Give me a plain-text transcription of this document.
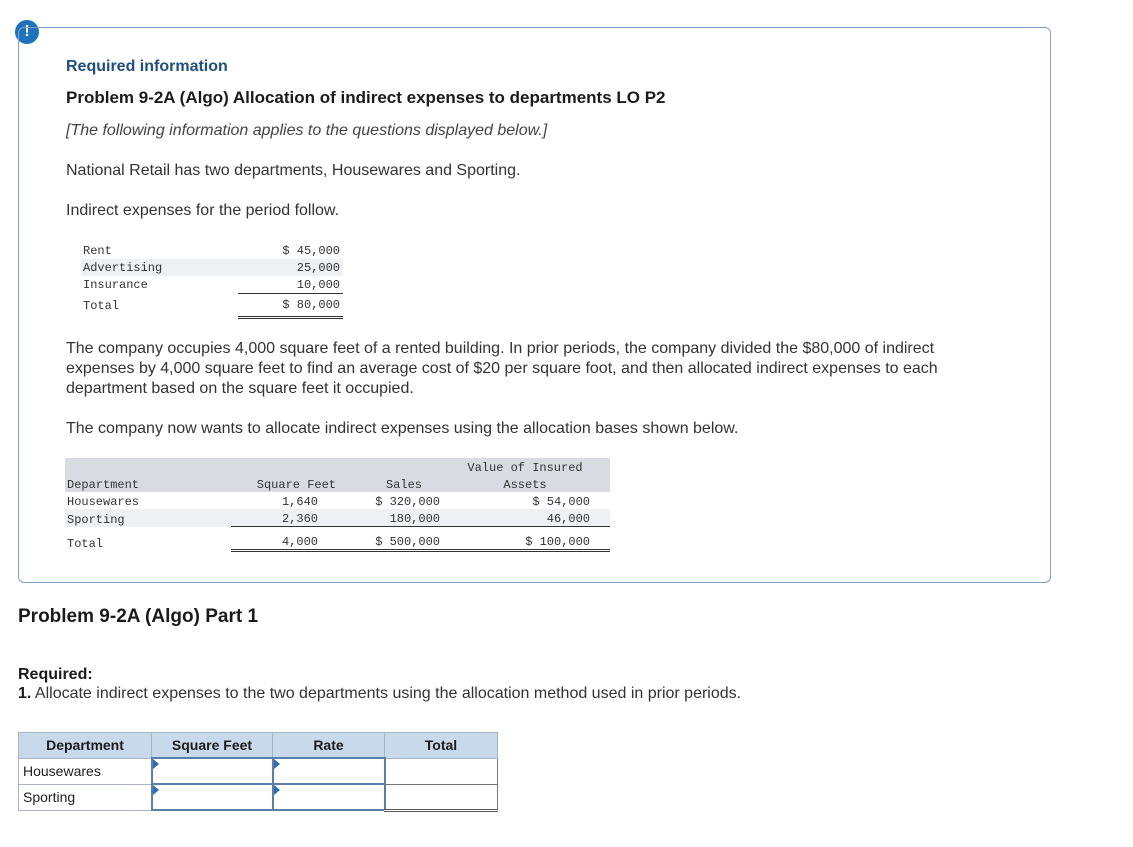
!
Required information
Problem 9-2A (Algo) Allocation of indirect expenses to departments LO P2
[The following information applies to the questions displayed below.]
National Retail has two departments, Housewares and Sporting.
Indirect expenses for the period follow.
Rent	$ 45,000
Advertising	25,000
Insurance	10,000
Total	$ 80,000
The company occupies 4,000 square feet of a rented building. In prior periods, the company divided the $80,000 of indirect expenses by 4,000 square feet to find an average cost of $20 per square foot, and then allocated indirect expenses to each department based on the square feet it occupied.
The company now wants to allocate indirect expenses using the allocation bases shown below.
			Value of Insured
Department	Square Feet	Sales	Assets
Housewares	1,640	$ 320,000	$ 54,000
Sporting	2,360	180,000	46,000
Total	4,000	$ 500,000	$ 100,000
Problem 9-2A (Algo) Part 1
Required:
1. Allocate indirect expenses to the two departments using the allocation method used in prior periods.
Department	Square Feet	Rate	Total
Housewares	

Sporting	
